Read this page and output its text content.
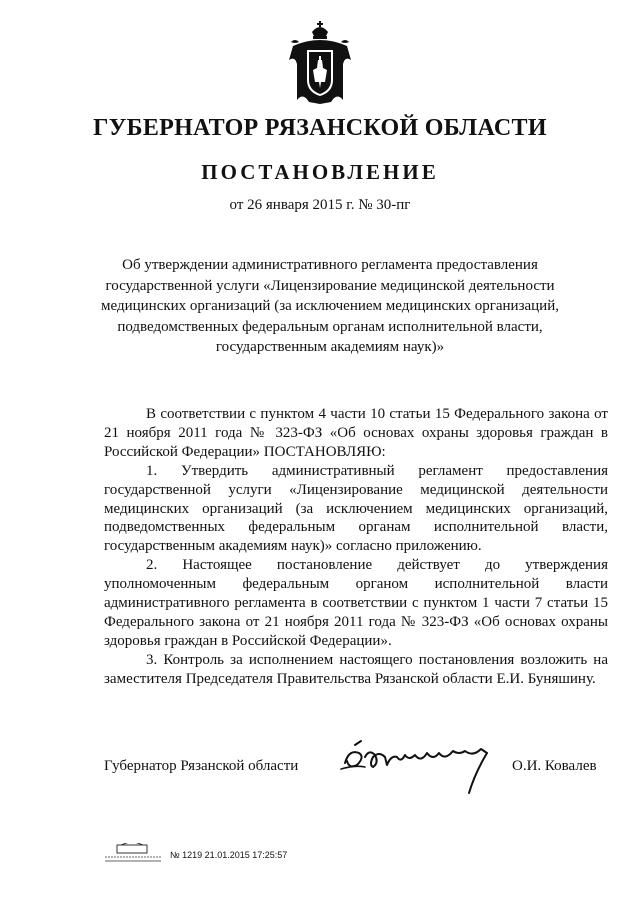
ГУБЕРНАТОР РЯЗАНСКОЙ ОБЛАСТИ
ПОСТАНОВЛЕНИЕ
от 26 января 2015 г. № 30-пг
Об утверждении административного регламента предоставления государственной услуги «Лицензирование медицинской деятельности медицинских организаций (за исключением медицинских организаций, подведомственных федеральным органам исполнительной власти, государственным академиям наук)»

В соответствии с пунктом 4 части 10 статьи 15 Федерального закона от 21 ноября 2011 года № 323-ФЗ «Об основах охраны здоровья граждан в Российской Федерации» ПОСТАНОВЛЯЮ:

1. Утвердить административный регламент предоставления государственной услуги «Лицензирование медицинской деятельности медицинских организаций (за исключением медицинских организаций, подведомственных федеральным органам исполнительной власти, государственным академиям наук)» согласно приложению.

2. Настоящее постановление действует до утверждения уполномоченным федеральным органом исполнительной власти административного регламента в соответствии с пунктом 1 части 7 статьи 15 Федерального закона от 21 ноября 2011 года № 323-ФЗ «Об основах охраны здоровья граждан в Российской Федерации».

3. Контроль за исполнением настоящего постановления возложить на заместителя Председателя Правительства Рязанской области Е.И. Буняшину.

Губернатор Рязанской области	О.И. Ковалев
№ 1219 21.01.2015 17:25:57
